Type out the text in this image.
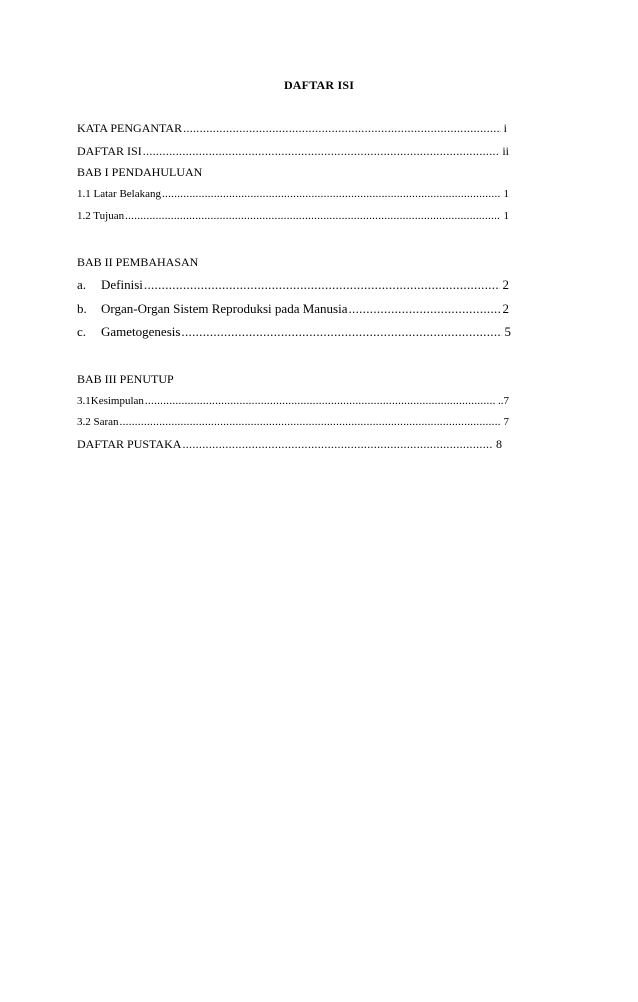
DAFTAR ISI
KATA PENGANTAR .....	i
DAFTAR ISI .....	ii
BAB I PENDAHULUAN
1.1 Latar Belakang .....	1
1.2 Tujuan .....	1
BAB II PEMBAHASAN
a.	Definisi .....	2
b.	Organ-Organ Sistem Reproduksi pada Manusia .....	2
c.	Gametogenesis .....	5
BAB III PENUTUP
3.1Kesimpulan .....	..7
3.2 Saran .....	7
DAFTAR PUSTAKA .....	8
